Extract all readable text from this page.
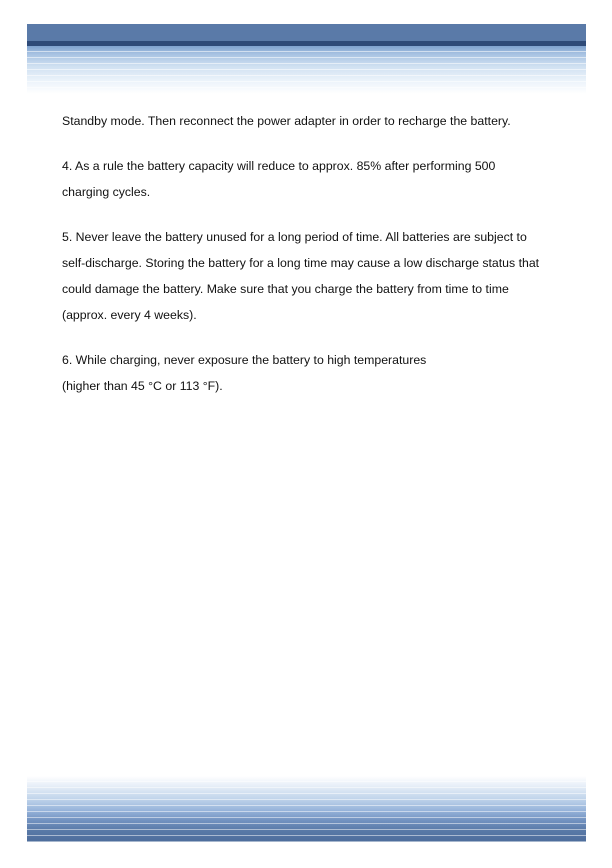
Standby mode. Then reconnect the power adapter in order to recharge the battery.

4. As a rule the battery capacity will reduce to approx. 85% after performing 500 charging cycles.

5. Never leave the battery unused for a long period of time. All batteries are subject to self-discharge. Storing the battery for a long time may cause a low discharge status that could damage the battery. Make sure that you charge the battery from time to time (approx. every 4 weeks).

6. While charging, never exposure the battery to high temperatures
(higher than 45 °C or 113 °F).
